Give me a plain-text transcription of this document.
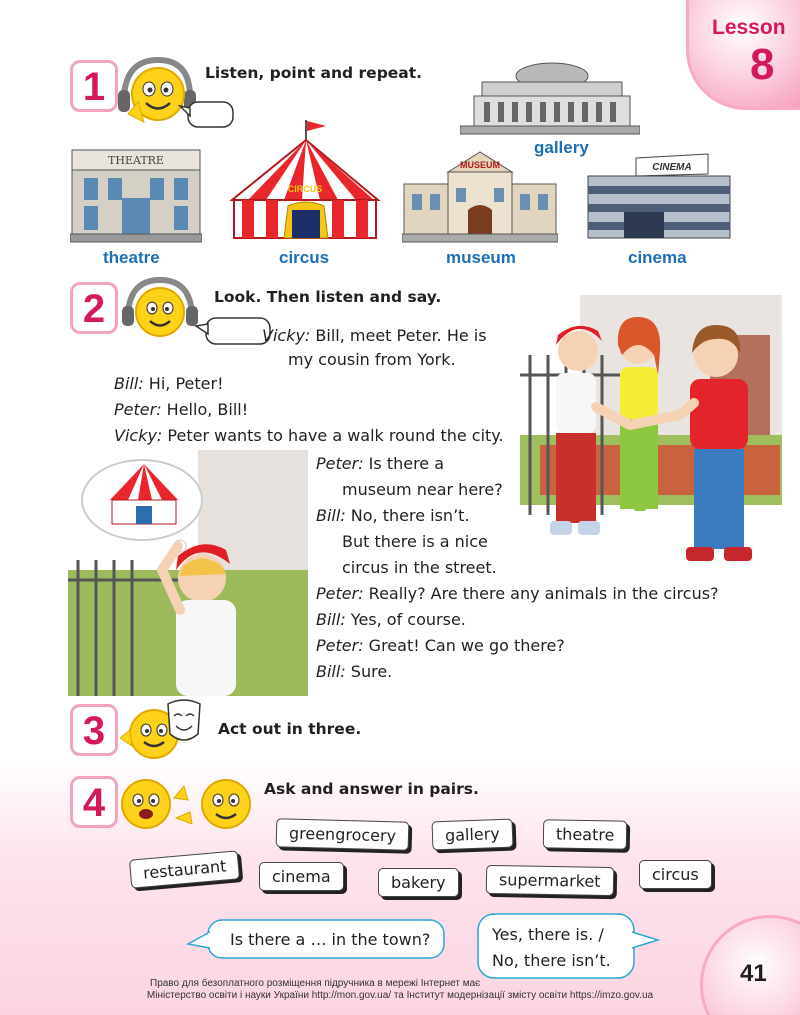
Lesson
8
1	Listen, point and repeat.
gallery
THEATRE
theatre
CIRCUS
circus
MUSEUM
museum
CINEMA
cinema
2	Look. Then listen and say.
Vicky: Bill, meet Peter. He is
my cousin from York.
Bill: Hi, Peter!
Peter: Hello, Bill!
Vicky: Peter wants to have a walk round the city.
Peter: Is there a
museum near here?
Bill: No, there isn’t.
But there is a nice
circus in the street.
Peter: Really? Are there any animals in the circus?
Bill: Yes, of course.
Peter: Great! Can we go there?
Bill: Sure.
3	Act out in three.
4	Ask and answer in pairs.
greengrocery	gallery	theatre
restaurant	cinema	bakery	supermarket	circus
Is there a … in the town?	Yes, there is. /
No, there isn’t.	41
Право для безоплатного розміщення підручника в мережі Інтернет має
Міністерство освіти і науки України http://mon.gov.ua/ та Інститут модернізації змісту освіти https://imzo.gov.ua
